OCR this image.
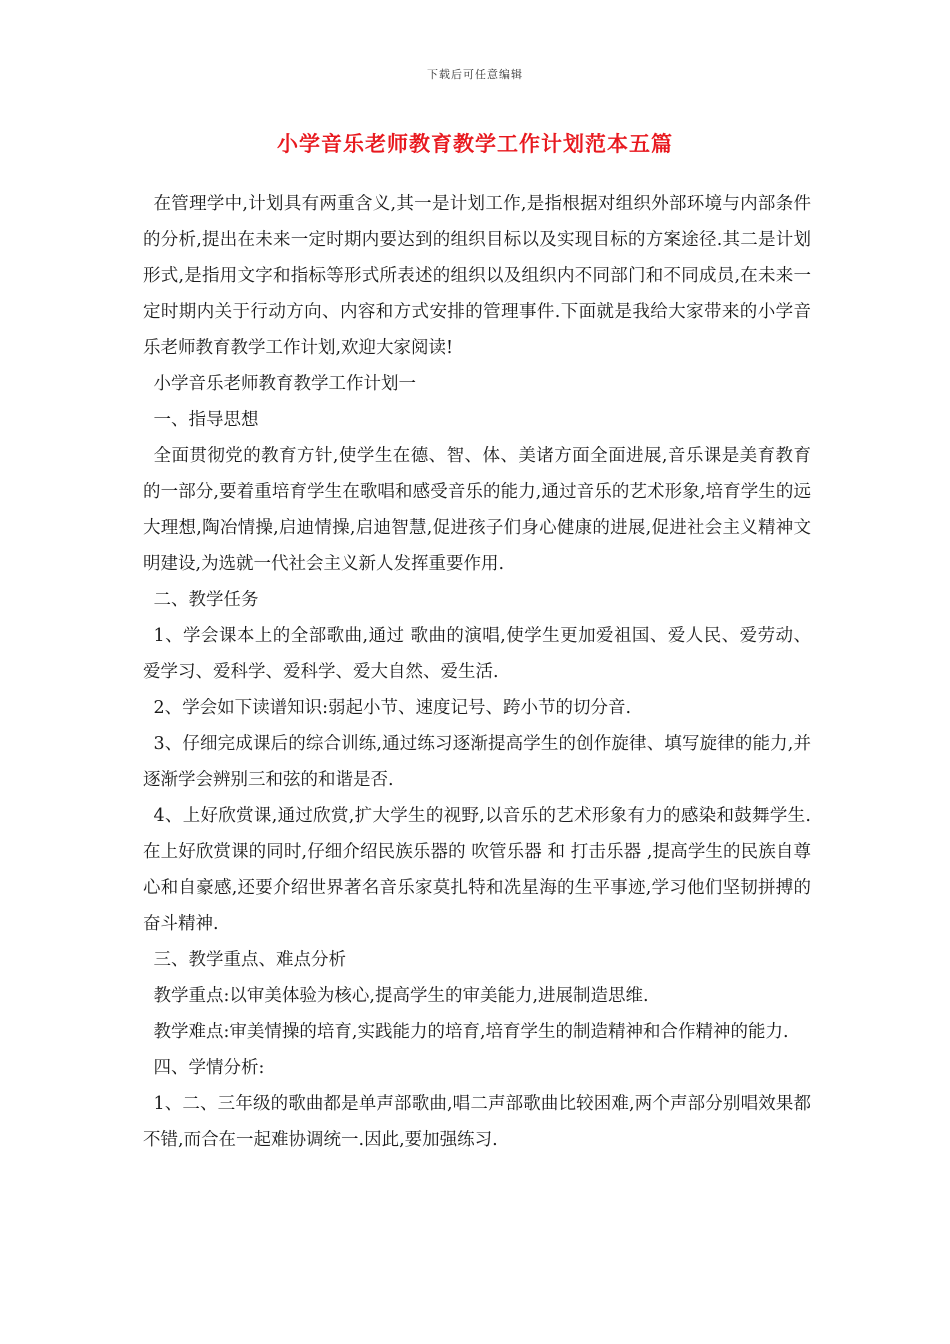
下载后可任意编辑
小学音乐老师教育教学工作计划范本五篇

在管理学中,计划具有两重含义,其一是计划工作,是指根据对组织外部环境与内部条件的分析,提出在未来一定时期内要达到的组织目标以及实现目标的方案途径.其二是计划形式,是指用文字和指标等形式所表述的组织以及组织内不同部门和不同成员,在未来一定时期内关于行动方向、内容和方式安排的管理事件.下面就是我给大家带来的小学音乐老师教育教学工作计划,欢迎大家阅读!

小学音乐老师教育教学工作计划一

一、指导思想

全面贯彻党的教育方针,使学生在德、智、体、美诸方面全面进展,音乐课是美育教育的一部分,要着重培育学生在歌唱和感受音乐的能力,通过音乐的艺术形象,培育学生的远大理想,陶冶情操,启迪情操,启迪智慧,促进孩子们身心健康的进展,促进社会主义精神文明建设,为选就一代社会主义新人发挥重要作用.

二、教学任务

1、学会课本上的全部歌曲,通过 歌曲的演唱,使学生更加爱祖国、爱人民、爱劳动、爱学习、爱科学、爱科学、爱大自然、爱生活.

2、学会如下读谱知识:弱起小节、速度记号、跨小节的切分音.

3、仔细完成课后的综合训练,通过练习逐渐提高学生的创作旋律、填写旋律的能力,并逐渐学会辨别三和弦的和谐是否.

4、上好欣赏课,通过欣赏,扩大学生的视野,以音乐的艺术形象有力的感染和鼓舞学生.在上好欣赏课的同时,仔细介绍民族乐器的 吹管乐器 和 打击乐器 ,提高学生的民族自尊心和自豪感,还要介绍世界著名音乐家莫扎特和冼星海的生平事迹,学习他们坚韧拼搏的奋斗精神.

三、教学重点、难点分析

教学重点:以审美体验为核心,提高学生的审美能力,进展制造思维.

教学难点:审美情操的培育,实践能力的培育,培育学生的制造精神和合作精神的能力.

四、学情分析:

1、二、三年级的歌曲都是单声部歌曲,唱二声部歌曲比较困难,两个声部分别唱效果都不错,而合在一起难协调统一.因此,要加强练习.
